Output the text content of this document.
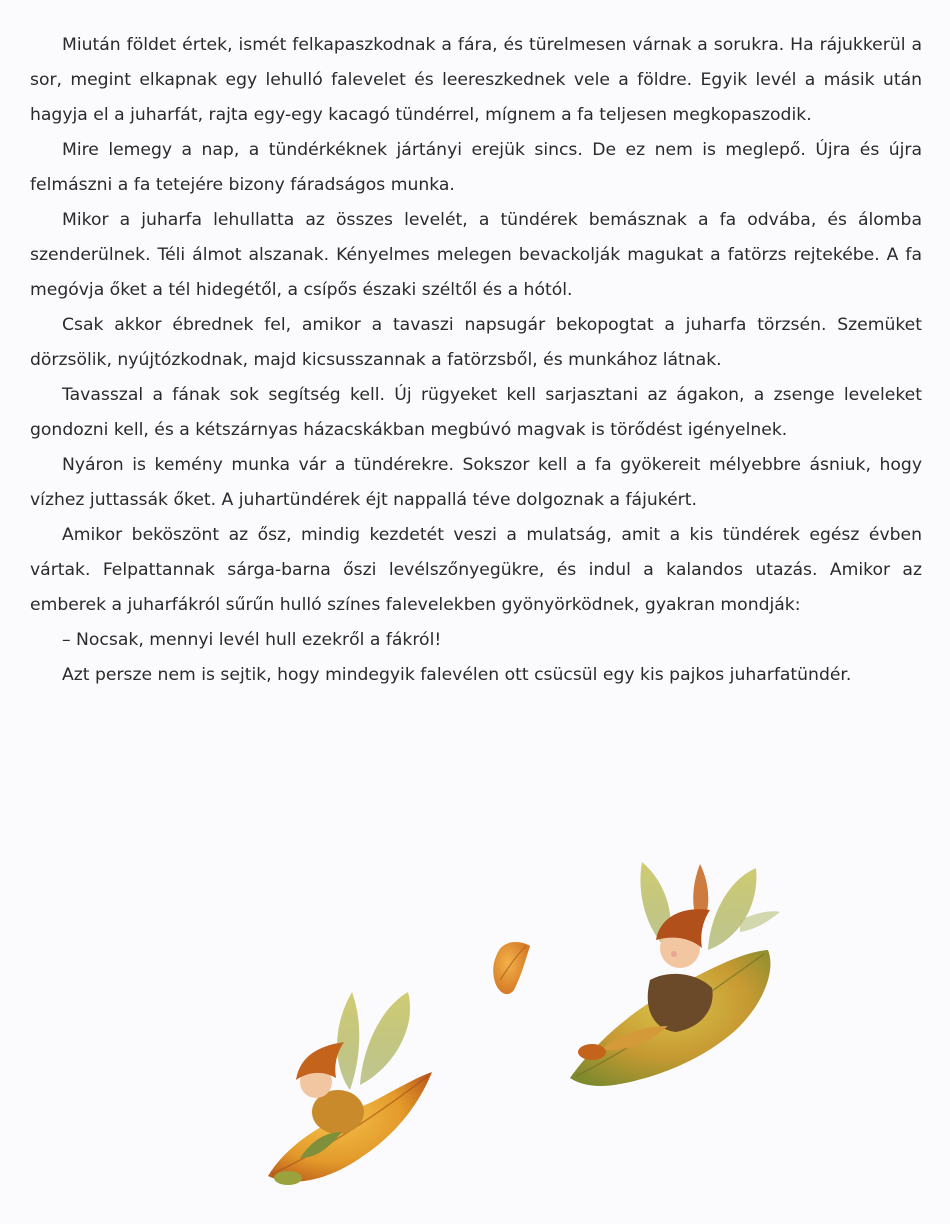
Miután földet értek, ismét felkapaszkodnak a fára, és türelmesen várnak a sorukra. Ha rájukkerül a sor, megint elkapnak egy lehulló falevelet és leereszkednek vele a földre. Egyik levél a másik után hagyja el a juharfát, rajta egy-egy kacagó tündérrel, mígnem a fa teljesen megkopaszodik.

Mire lemegy a nap, a tündérkéknek jártányi erejük sincs. De ez nem is meglepő. Újra és újra felmászni a fa tetejére bizony fáradságos munka.

Mikor a juharfa lehullatta az összes levelét, a tündérek bemásznak a fa odvába, és álomba szenderülnek. Téli álmot alszanak. Kényelmes melegen bevackolják magukat a fatörzs rejtekébe. A fa megóvja őket a tél hidegétől, a csípős északi széltől és a hótól.

Csak akkor ébrednek fel, amikor a tavaszi napsugár bekopogtat a juharfa törzsén. Szemüket dörzsölik, nyújtózkodnak, majd kicsusszannak a fatörzsből, és munkához látnak.

Tavasszal a fának sok segítség kell. Új rügyeket kell sarjasztani az ágakon, a zsenge leveleket gondozni kell, és a kétszárnyas házacskákban megbúvó magvak is törődést igényelnek.

Nyáron is kemény munka vár a tündérekre. Sokszor kell a fa gyökereit mélyebbre ásniuk, hogy vízhez juttassák őket. A juhartündérek éjt nappallá téve dolgoznak a fájukért.

Amikor beköszönt az ősz, mindig kezdetét veszi a mulatság, amit a kis tündérek egész évben vártak. Felpattannak sárga-barna őszi levélszőnyegükre, és indul a kalandos utazás. Amikor az emberek a juharfákról sűrűn hulló színes falevelekben gyönyörködnek, gyakran mondják:

– Nocsak, mennyi levél hull ezekről a fákról!

Azt persze nem is sejtik, hogy mindegyik falevélen ott csücsül egy kis pajkos juharfatündér.
